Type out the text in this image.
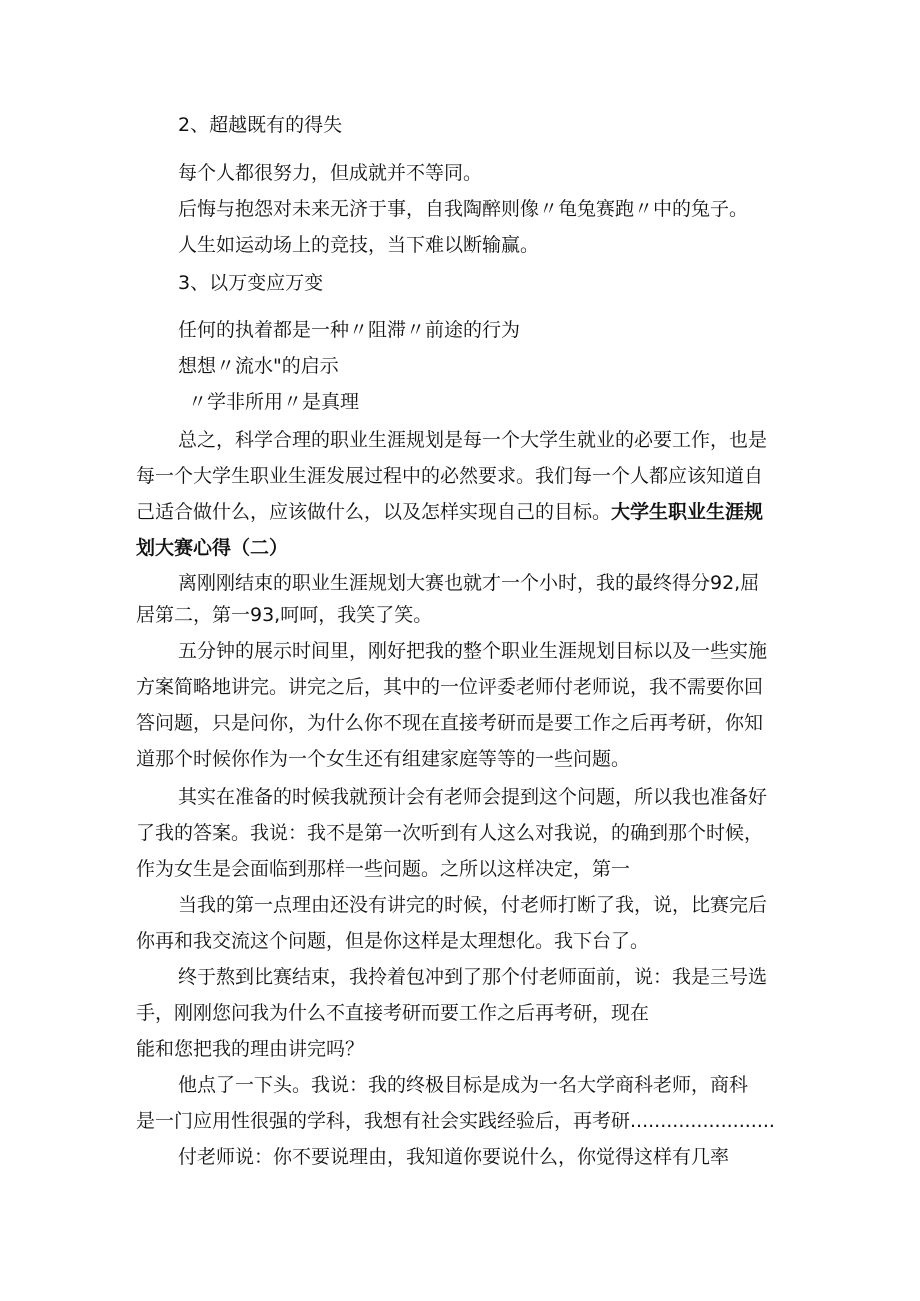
2、超越既有的得失

每个人都很努力，但成就并不等同。

后悔与抱怨对未来无济于事，自我陶醉则像〃龟兔赛跑〃中的兔子。

人生如运动场上的竞技，当下难以断输赢。

3、以万变应万变

任何的执着都是一种〃阻滞〃前途的行为

想想〃流水"的启示

〃学非所用〃是真理

总之，科学合理的职业生涯规划是每一个大学生就业的必要工作，也是

每一个大学生职业生涯发展过程中的必然要求。我们每一个人都应该知道自

己适合做什么，应该做什么，以及怎样实现自己的目标。大学生职业生涯规

划大赛心得（二）

离刚刚结束的职业生涯规划大赛也就才一个小时，我的最终得分92,屈

居第二，第一93,呵呵，我笑了笑。

五分钟的展示时间里，刚好把我的整个职业生涯规划目标以及一些实施

方案简略地讲完。讲完之后，其中的一位评委老师付老师说，我不需要你回

答问题，只是问你，为什么你不现在直接考研而是要工作之后再考研，你知

道那个时候你作为一个女生还有组建家庭等等的一些问题。

其实在准备的时候我就预计会有老师会提到这个问题，所以我也准备好

了我的答案。我说：我不是第一次听到有人这么对我说，的确到那个时候，

作为女生是会面临到那样一些问题。之所以这样决定，第一

当我的第一点理由还没有讲完的时候，付老师打断了我，说，比赛完后

你再和我交流这个问题，但是你这样是太理想化。我下台了。

终于熬到比赛结束，我拎着包冲到了那个付老师面前，说：我是三号选

手，刚刚您问我为什么不直接考研而要工作之后再考研，现在

能和您把我的理由讲完吗？

他点了一下头。我说：我的终极目标是成为一名大学商科老师，商科

是一门应用性很强的学科，我想有社会实践经验后，再考研........................

付老师说：你不要说理由，我知道你要说什么，你觉得这样有几率
